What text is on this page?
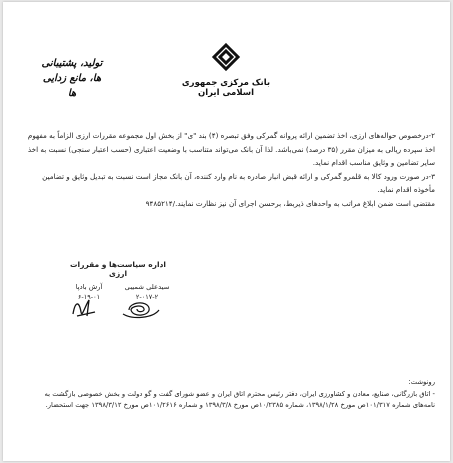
تولید، پشتیبانی ها، مانع زدایی ها
بانک مرکزی جمهوری اسلامی ایران

۲-درخصوص حواله‌های ارزی، اخذ تضمین ارائه پروانه گمرکی وفق تبصره (۴) بند "ی" از بخش اول مجموعه مقررات ارزی الزاماً به مفهوم اخذ سپرده ریالی به میزان مقرر (۳۵ درصد) نمی‌باشد. لذا آن بانک می‌تواند متناسب با وضعیت اعتباری (حسب اعتبار سنجی) نسبت به اخذ سایر تضامین و وثایق مناسب اقدام نماید.

۳-در صورت ورود کالا به قلمرو گمرکی و ارائه قبض انبار صادره به نام وارد کننده، آن بانک مجاز است نسبت به تبدیل وثایق و تضامین مأخوذه اقدام نماید.

مقتضی است ضمن ابلاغ مراتب به واحدهای ذیربط، برحسن اجرای آن نیز نظارت نمایند./۹۴۸۵۲۱۴

اداره سیاست‌ها و مقررات ارزی
سیدعلی شمیبی
۲-۰۱۷-۲
آرش بادپا
۶-۱۹-۰۱

رونوشت:

- اتاق بازرگانی، صنایع، معادن و کشاورزی ایران، دفتر رئیس محترم اتاق ایران و عضو شورای گفت و گو دولت و بخش خصوصی بازگشت به نامه‌های شماره ۱۰۱/۳۱۷ص مورخ ۱۳۹۸/۱/۲۸، شماره ۱۰/۲۳۸۵ص مورخ ۱۳۹۸/۳/۸ و شماره ۱۰۱/۲۶۱۶ص مورخ ۱۳۹۸/۳/۱۲ جهت استحضار.
